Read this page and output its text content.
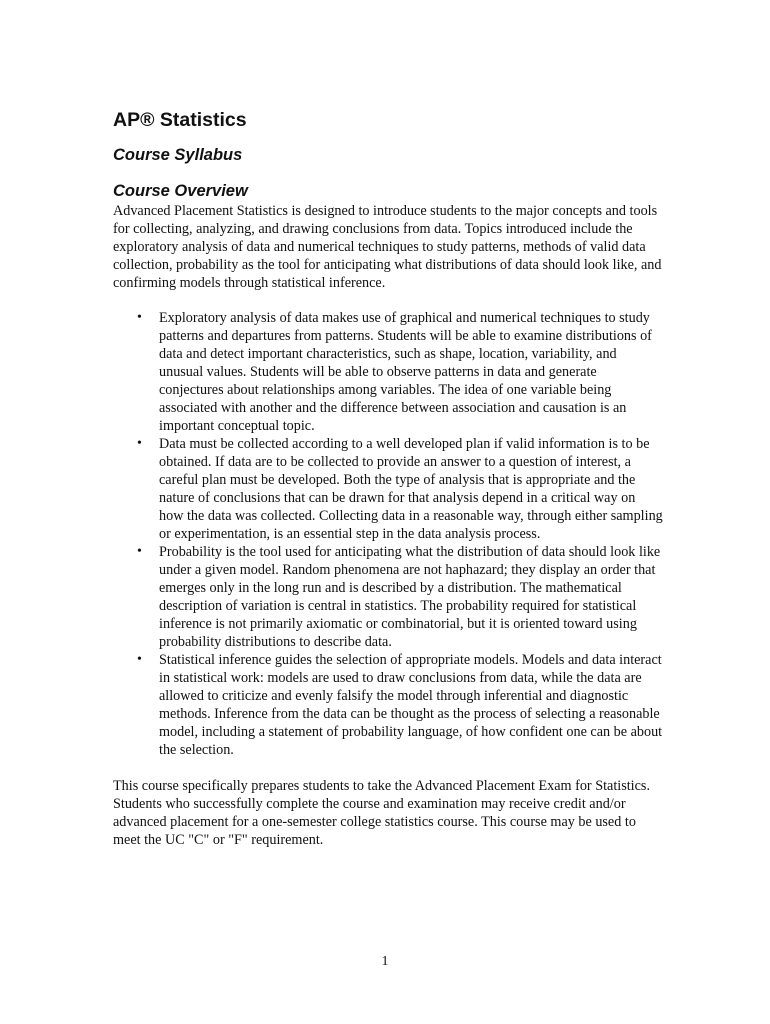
AP® Statistics
Course Syllabus
Course Overview

Advanced Placement Statistics is designed to introduce students to the major concepts and tools for collecting, analyzing, and drawing conclusions from data. Topics introduced include the exploratory analysis of data and numerical techniques to study patterns, methods of valid data collection, probability as the tool for anticipating what distributions of data should look like, and confirming models through statistical inference.

• Exploratory analysis of data makes use of graphical and numerical techniques to study patterns and departures from patterns. Students will be able to examine distributions of data and detect important characteristics, such as shape, location, variability, and unusual values. Students will be able to observe patterns in data and generate conjectures about relationships among variables. The idea of one variable being associated with another and the difference between association and causation is an important conceptual topic.
• Data must be collected according to a well developed plan if valid information is to be obtained. If data are to be collected to provide an answer to a question of interest, a careful plan must be developed. Both the type of analysis that is appropriate and the nature of conclusions that can be drawn for that analysis depend in a critical way on how the data was collected. Collecting data in a reasonable way, through either sampling or experimentation, is an essential step in the data analysis process.
• Probability is the tool used for anticipating what the distribution of data should look like under a given model. Random phenomena are not haphazard; they display an order that emerges only in the long run and is described by a distribution. The mathematical description of variation is central in statistics. The probability required for statistical inference is not primarily axiomatic or combinatorial, but it is oriented toward using probability distributions to describe data.
• Statistical inference guides the selection of appropriate models. Models and data interact in statistical work: models are used to draw conclusions from data, while the data are allowed to criticize and evenly falsify the model through inferential and diagnostic methods. Inference from the data can be thought as the process of selecting a reasonable model, including a statement of probability language, of how confident one can be about the selection.

This course specifically prepares students to take the Advanced Placement Exam for Statistics. Students who successfully complete the course and examination may receive credit and/or advanced placement for a one-semester college statistics course. This course may be used to meet the UC "C" or "F" requirement.

1
